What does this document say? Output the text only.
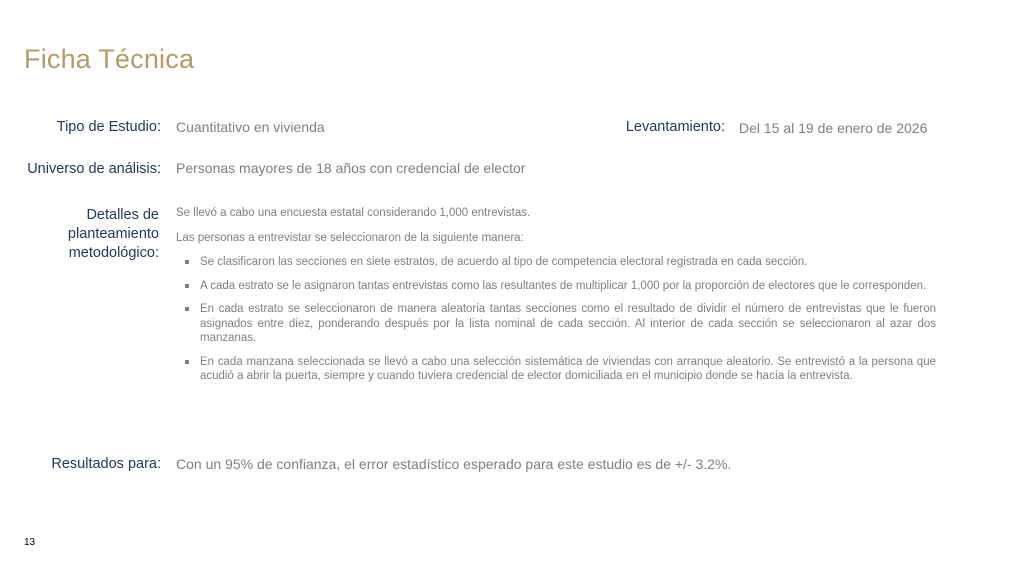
Ficha Técnica
Tipo de Estudio: Cuantitativo en vivienda	Levantamiento: Del 15 al 19 de enero de 2026
Universo de análisis: Personas mayores de 18 años con credencial de elector
Detalles de
planteamiento
metodológico:

Se llevó a cabo una encuesta estatal considerando 1,000 entrevistas.

Las personas a entrevistar se seleccionaron de la siguiente manera:

Se clasificaron las secciones en siete estratos, de acuerdo al tipo de competencia electoral registrada en cada sección.
A cada estrato se le asignaron tantas entrevistas como las resultantes de multiplicar 1,000 por la proporción de electores que le corresponden.
En cada estrato se seleccionaron de manera aleatoria tantas secciones como el resultado de dividir el número de entrevistas que le fueron asignados entre diez, ponderando después por la lista nominal de cada sección. Al interior de cada sección se seleccionaron al azar dos manzanas.
En cada manzana seleccionada se llevó a cabo una selección sistemática de viviendas con arranque aleatorio. Se entrevistó a la persona que acudió a abrir la puerta, siempre y cuando tuviera credencial de elector domiciliada en el municipio donde se hacía la entrevista.
Resultados para: Con un 95% de confianza, el error estadístico esperado para este estudio es de +/- 3.2%.
13
